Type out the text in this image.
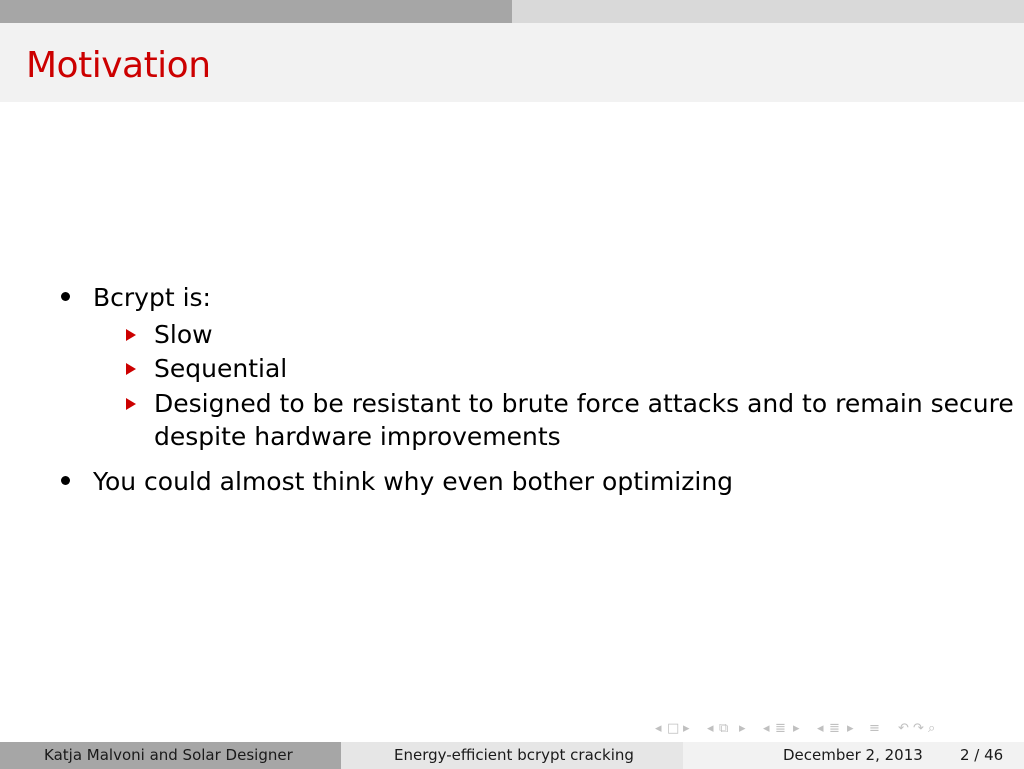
Motivation
Bcrypt is:
Slow
Sequential
Designed to be resistant to brute force attacks and to remain secure
despite hardware improvements
You could almost think why even bother optimizing
◂ □ ▸ ◂ ⧉ ▸ ◂ ≣ ▸ ◂ ≣ ▸ ≡ ↶ ↷ ⌕
Katja Malvoni and Solar Designer	Energy-efficient bcrypt cracking	December 2, 2013 2 / 46
